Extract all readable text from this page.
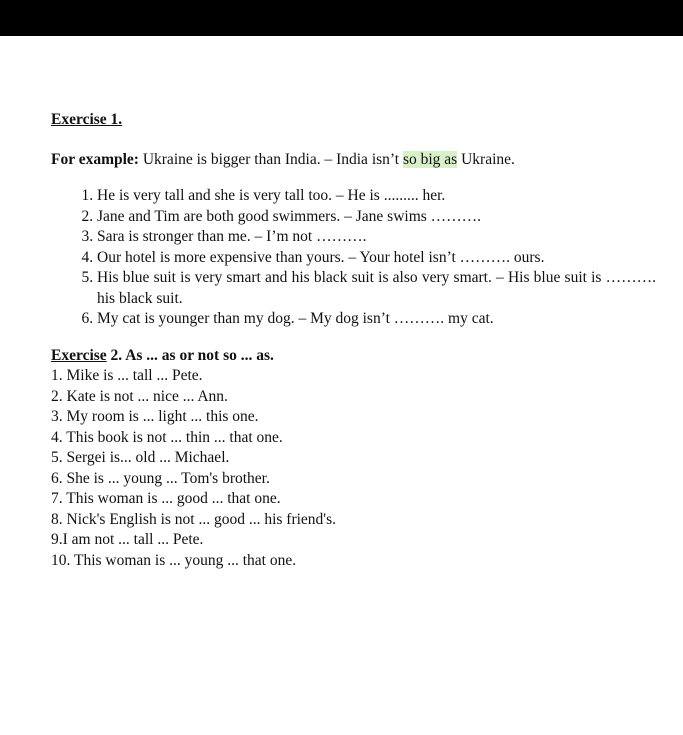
Exercise 1.

For example: Ukraine is bigger than India. – India isn’t so big as Ukraine.
1. He is very tall and she is very tall too. – He is ......... her.
2. Jane and Tim are both good swimmers. – Jane swims ……….
3. Sara is stronger than me. – I’m not ……….
4. Our hotel is more expensive than yours. – Your hotel isn’t ………. ours.
5. His blue suit is very smart and his black suit is also very smart. – His blue suit is ………. his black suit.
6. My cat is younger than my dog. – My dog isn’t ………. my cat.
Exercise 2. As ... as or not so ... as.
1. Mike is ... tall ... Pete.
2. Kate is not ... nice ... Ann.
3. My room is ... light ... this one.
4. This book is not ... thin ... that one.
5. Sergei is... old ... Michael.
6. She is ... young ... Tom's brother.
7. This woman is ... good ... that one.
8. Nick's English is not ... good ... his friend's.
9.I am not ... tall ... Pete.
10. This woman is ... young ... that one.
